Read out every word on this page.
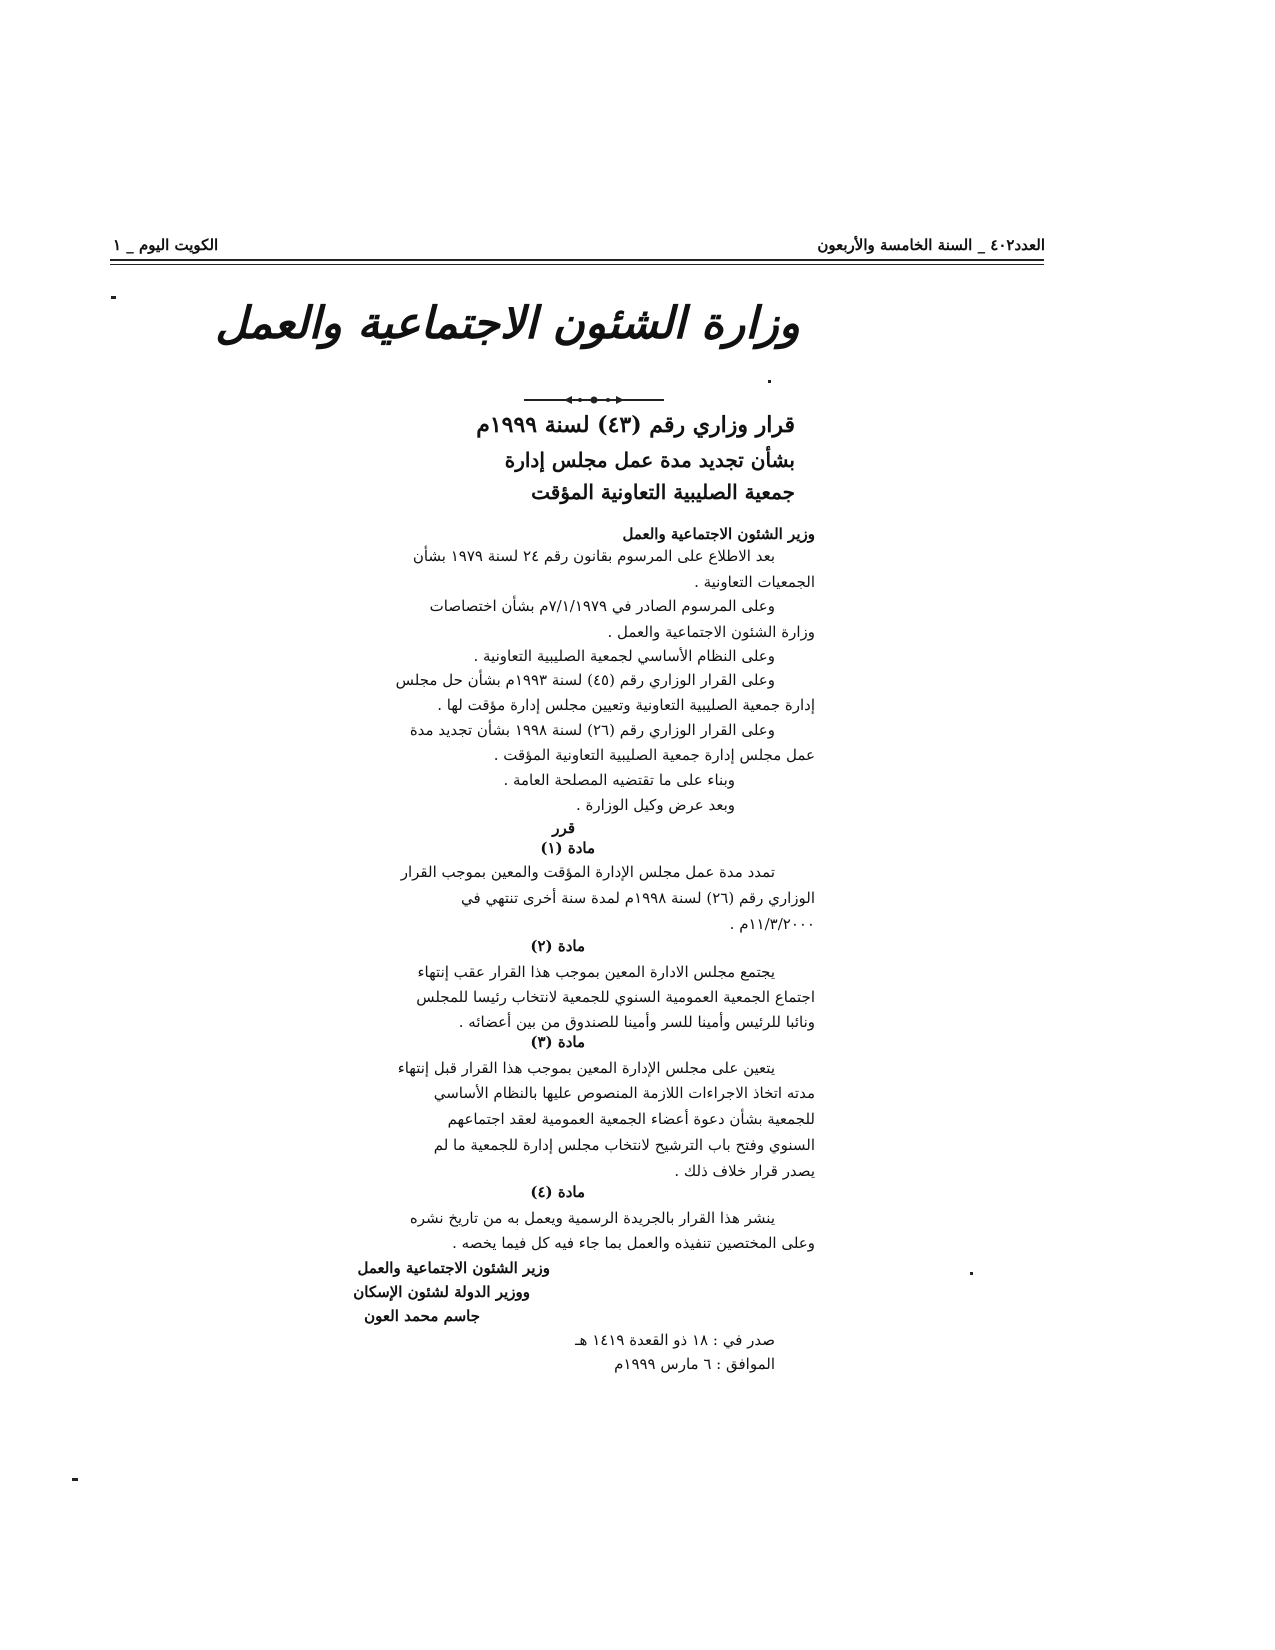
العدد٤٠٢ _ السنة الخامسة والأربعون
الكويت اليوم _ ١
وزارة الشئون الاجتماعية والعمل
قرار وزاري رقم (٤٣) لسنة ١٩٩٩م
بشأن تجديد مدة عمل مجلس إدارة
جمعية الصليبية التعاونية المؤقت
وزير الشئون الاجتماعية والعمل
بعد الاطلاع على المرسوم بقانون رقم ٢٤ لسنة ١٩٧٩ بشأن
الجمعيات التعاونية .
وعلى المرسوم الصادر في ٧/١/١٩٧٩م بشأن اختصاصات
وزارة الشئون الاجتماعية والعمل .
وعلى النظام الأساسي لجمعية الصليبية التعاونية .
وعلى القرار الوزاري رقم (٤٥) لسنة ١٩٩٣م بشأن حل مجلس
إدارة جمعية الصليبية التعاونية وتعيين مجلس إدارة مؤقت لها .
وعلى القرار الوزاري رقم (٢٦) لسنة ١٩٩٨ بشأن تجديد مدة
عمل مجلس إدارة جمعية الصليبية التعاونية المؤقت .
وبناء على ما تقتضيه المصلحة العامة .
وبعد عرض وكيل الوزارة .
قرر
مادة (١)
تمدد مدة عمل مجلس الإدارة المؤقت والمعين بموجب القرار
الوزاري رقم (٢٦) لسنة ١٩٩٨م لمدة سنة أخرى تنتهي في
١١/٣/٢٠٠٠م .
مادة (٢)
يجتمع مجلس الادارة المعين بموجب هذا القرار عقب إنتهاء
اجتماع الجمعية العمومية السنوي للجمعية لانتخاب رئيسا للمجلس
ونائبا للرئيس وأمينا للسر وأمينا للصندوق من بين أعضائه .
مادة (٣)
يتعين على مجلس الإدارة المعين بموجب هذا القرار قبل إنتهاء
مدته اتخاذ الاجراءات اللازمة المنصوص عليها بالنظام الأساسي
للجمعية بشأن دعوة أعضاء الجمعية العمومية لعقد اجتماعهم
السنوي وفتح باب الترشيح لانتخاب مجلس إدارة للجمعية ما لم
يصدر قرار خلاف ذلك .
مادة (٤)
ينشر هذا القرار بالجريدة الرسمية ويعمل به من تاريخ نشره
وعلى المختصين تنفيذه والعمل بما جاء فيه كل فيما يخصه .
وزير الشئون الاجتماعية والعمل
ووزير الدولة لشئون الإسكان
جاسم محمد العون
صدر في : ١٨ ذو القعدة ١٤١٩ هـ
الموافق : ٦ مارس ١٩٩٩م
